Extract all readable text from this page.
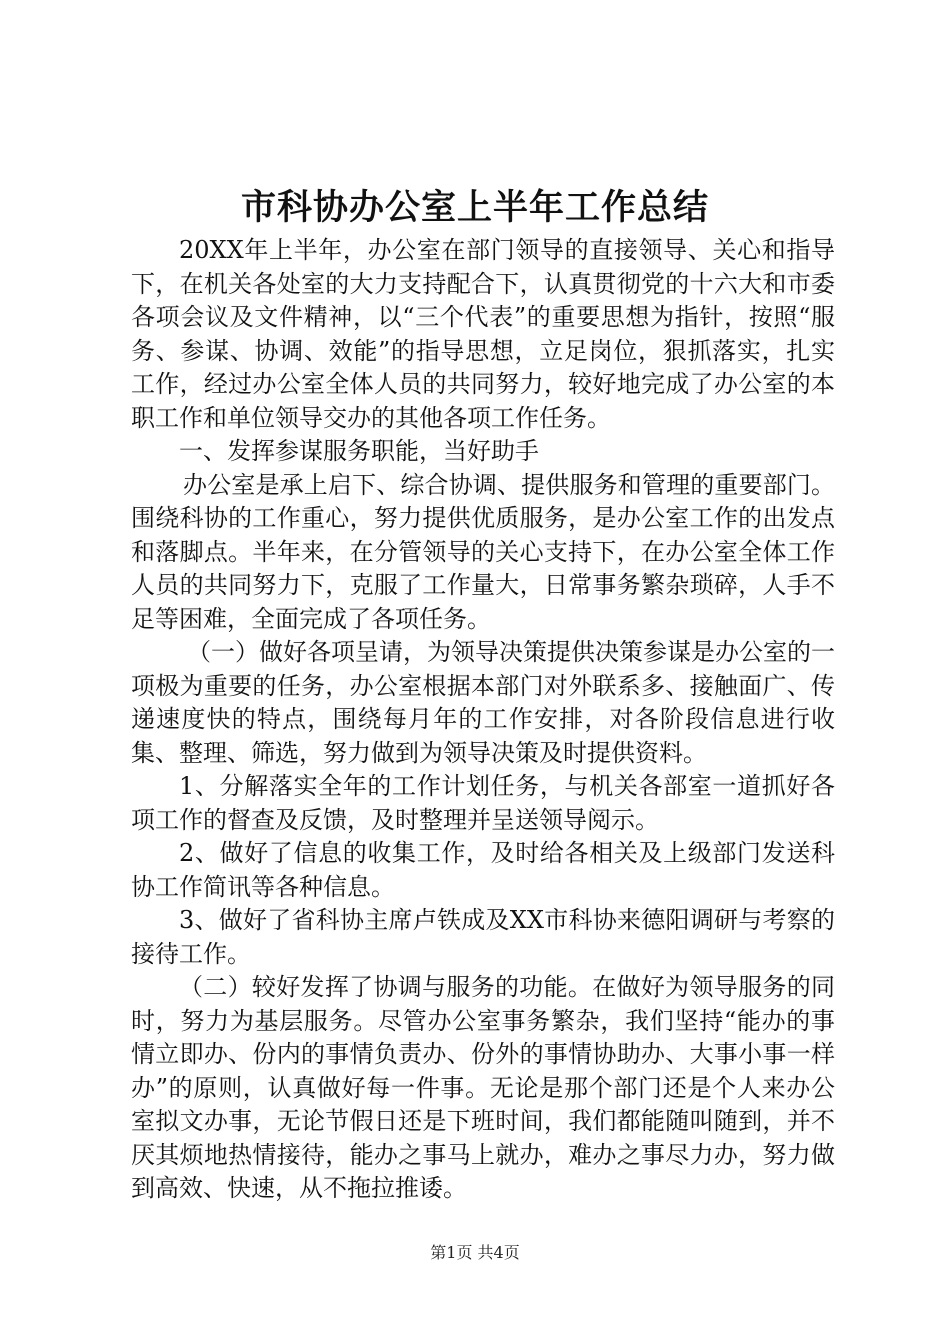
市科协办公室上半年工作总结

20XX年上半年，办公室在部门领导的直接领导、关心和指导下，在机关各处室的大力支持配合下，认真贯彻党的十六大和市委各项会议及文件精神，以“三个代表”的重要思想为指针，按照“服务、参谋、协调、效能”的指导思想，立足岗位，狠抓落实，扎实工作，经过办公室全体人员的共同努力，较好地完成了办公室的本职工作和单位领导交办的其他各项工作任务。

一、发挥参谋服务职能，当好助手

办公室是承上启下、综合协调、提供服务和管理的重要部门。围绕科协的工作重心，努力提供优质服务，是办公室工作的出发点和落脚点。半年来，在分管领导的关心支持下，在办公室全体工作人员的共同努力下，克服了工作量大，日常事务繁杂琐碎，人手不足等困难，全面完成了各项任务。

（一）做好各项呈请，为领导决策提供决策参谋是办公室的一项极为重要的任务，办公室根据本部门对外联系多、接触面广、传递速度快的特点，围绕每月年的工作安排，对各阶段信息进行收集、整理、筛选，努力做到为领导决策及时提供资料。

1、分解落实全年的工作计划任务，与机关各部室一道抓好各项工作的督查及反馈，及时整理并呈送领导阅示。

2、做好了信息的收集工作，及时给各相关及上级部门发送科协工作简讯等各种信息。

3、做好了省科协主席卢铁成及XX市科协来德阳调研与考察的接待工作。

（二）较好发挥了协调与服务的功能。在做好为领导服务的同时，努力为基层服务。尽管办公室事务繁杂，我们坚持“能办的事情立即办、份内的事情负责办、份外的事情协助办、大事小事一样办”的原则，认真做好每一件事。无论是那个部门还是个人来办公室拟文办事，无论节假日还是下班时间，我们都能随叫随到，并不厌其烦地热情接待，能办之事马上就办，难办之事尽力办，努力做到高效、快速，从不拖拉推诿。

第1页 共4页
